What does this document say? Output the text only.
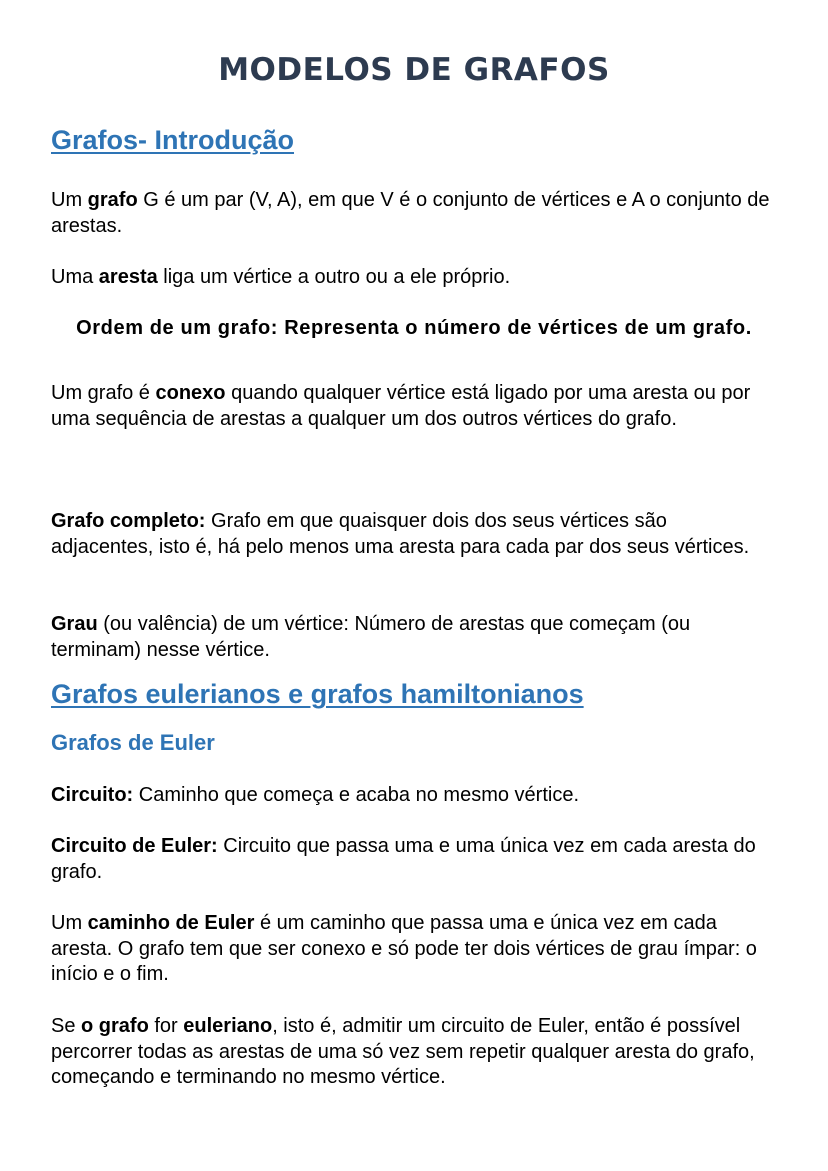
MODELOS DE GRAFOS
Grafos- Introdução

Um grafo G é um par (V, A), em que V é o conjunto de vértices e A o conjunto de arestas.

Uma aresta liga um vértice a outro ou a ele próprio.

Ordem de um grafo: Representa o número de vértices de um grafo.

Um grafo é conexo quando qualquer vértice está ligado por uma aresta ou por uma sequência de arestas a qualquer um dos outros vértices do grafo.

Grafo completo: Grafo em que quaisquer dois dos seus vértices são adjacentes, isto é, há pelo menos uma aresta para cada par dos seus vértices.

Grau (ou valência) de um vértice: Número de arestas que começam (ou terminam) nesse vértice.

Grafos eulerianos e grafos hamiltonianos
Grafos de Euler

Circuito: Caminho que começa e acaba no mesmo vértice.

Circuito de Euler: Circuito que passa uma e uma única vez em cada aresta do grafo.

Um caminho de Euler é um caminho que passa uma e única vez em cada aresta. O grafo tem que ser conexo e só pode ter dois vértices de grau ímpar: o início e o fim.

Se o grafo for euleriano, isto é, admitir um circuito de Euler, então é possível percorrer todas as arestas de uma só vez sem repetir qualquer aresta do grafo, começando e terminando no mesmo vértice.
